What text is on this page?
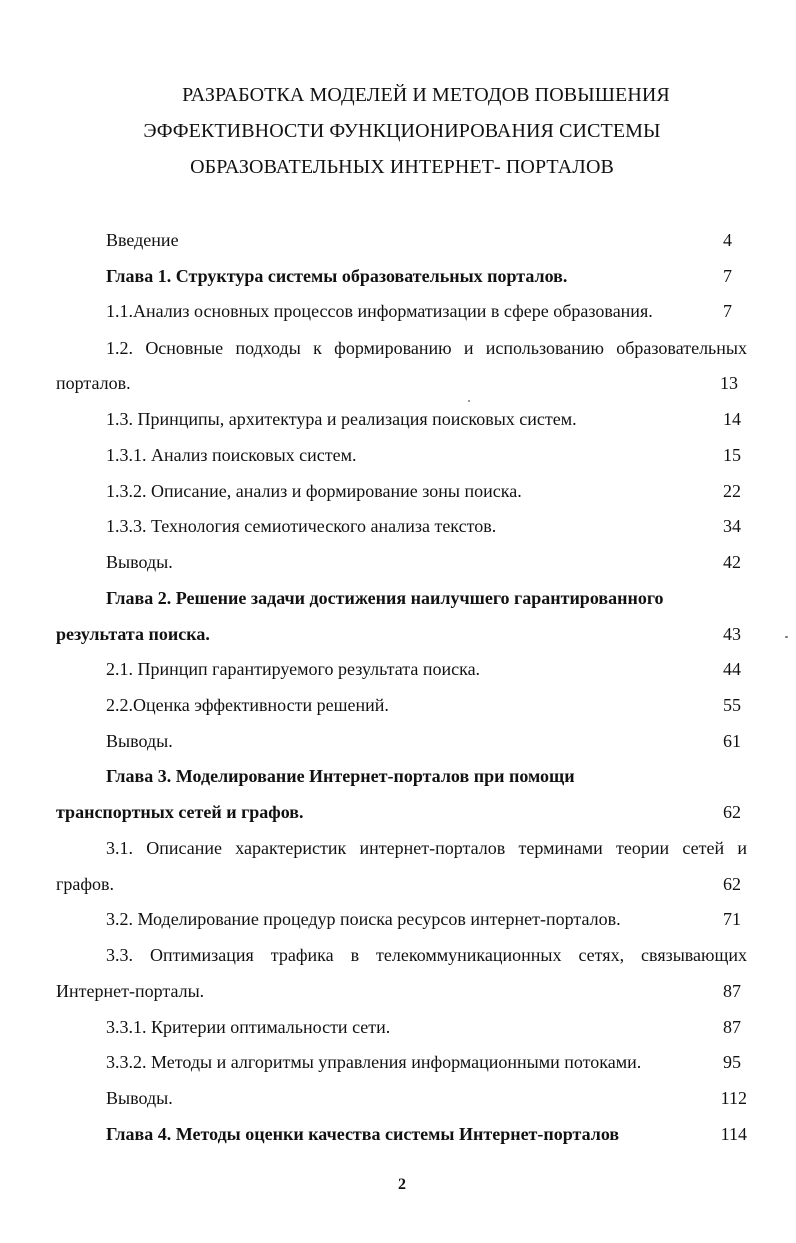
РАЗРАБОТКА МОДЕЛЕЙ И МЕТОДОВ ПОВЫШЕНИЯ
ЭФФЕКТИВНОСТИ ФУНКЦИОНИРОВАНИЯ СИСТЕМЫ
ОБРАЗОВАТЕЛЬНЫХ ИНТЕРНЕТ- ПОРТАЛОВ
Введение	4
Глава 1. Структура системы образовательных порталов.	7
1.1.Анализ основных процессов информатизации в сфере образования.	7
1.2. Основные подходы к формированию и использованию образовательных
порталов.	13
1.3. Принципы, архитектура и реализация поисковых систем.	14
1.3.1. Анализ поисковых систем.	15
1.3.2. Описание, анализ и формирование зоны поиска.	22
1.3.3. Технология семиотического анализа текстов.	34
Выводы.	42
Глава 2. Решение задачи достижения наилучшего гарантированного
результата поиска.	43
2.1. Принцип гарантируемого результата поиска.	44
2.2.Оценка эффективности решений.	55
Выводы.	61
Глава 3. Моделирование Интернет-порталов при помощи
транспортных сетей и графов.	62
3.1. Описание характеристик интернет-порталов терминами теории сетей и
графов.	62
3.2. Моделирование процедур поиска ресурсов интернет-порталов.	71
3.3. Оптимизация трафика в телекоммуникационных сетях, связывающих
Интернет-порталы.	87
3.3.1. Критерии оптимальности сети.	87
3.3.2. Методы и алгоритмы управления информационными потоками.	95
Выводы.	112
Глава 4. Методы оценки качества системы Интернет-порталов	114
2
